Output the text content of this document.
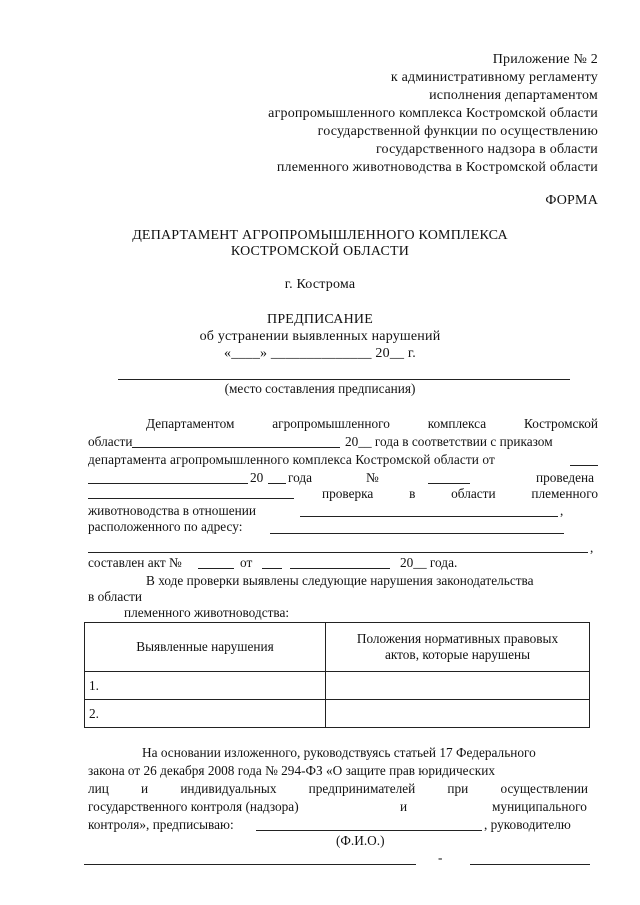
Приложение № 2
к административному регламенту
исполнения департаментом
агропромышленного комплекса Костромской области
государственной функции по осуществлению
государственного надзора в области
племенного животноводства в Костромской области
ФОРМА
ДЕПАРТАМЕНТ АГРОПРОМЫШЛЕННОГО КОМПЛЕКСА
КОСТРОМСКОЙ ОБЛАСТИ
г. Кострома
ПРЕДПИСАНИЕ
об устранении выявленных нарушений
«____» ______________ 20__ г.
(место составления предписания)
Департаментом	агропромышленного	комплекса	Костромской
области	20__ года в соответствии с приказом
департамента агропромышленного комплекса Костромской области от
20 года	№	проведена
проверка	в	области	племенного
животноводства в отношении	,
расположенного по адресу:
,
составлен акт №	от	20__ года.
В ходе проверки выявлены следующие нарушения законодательства
в области
племенного животноводства:
Выявленные нарушения	Положения нормативных правовых
актов, которые нарушены

1.	
2.	
На основании изложенного, руководствуясь статьей 17 Федерального
закона от 26 декабря 2008 года № 294-ФЗ «О защите прав юридических
лиц и индивидуальных предпринимателей при осуществлении
государственного контроля (надзора)	и	муниципального
контроля», предписываю:	, руководителю
(Ф.И.О.)
-
